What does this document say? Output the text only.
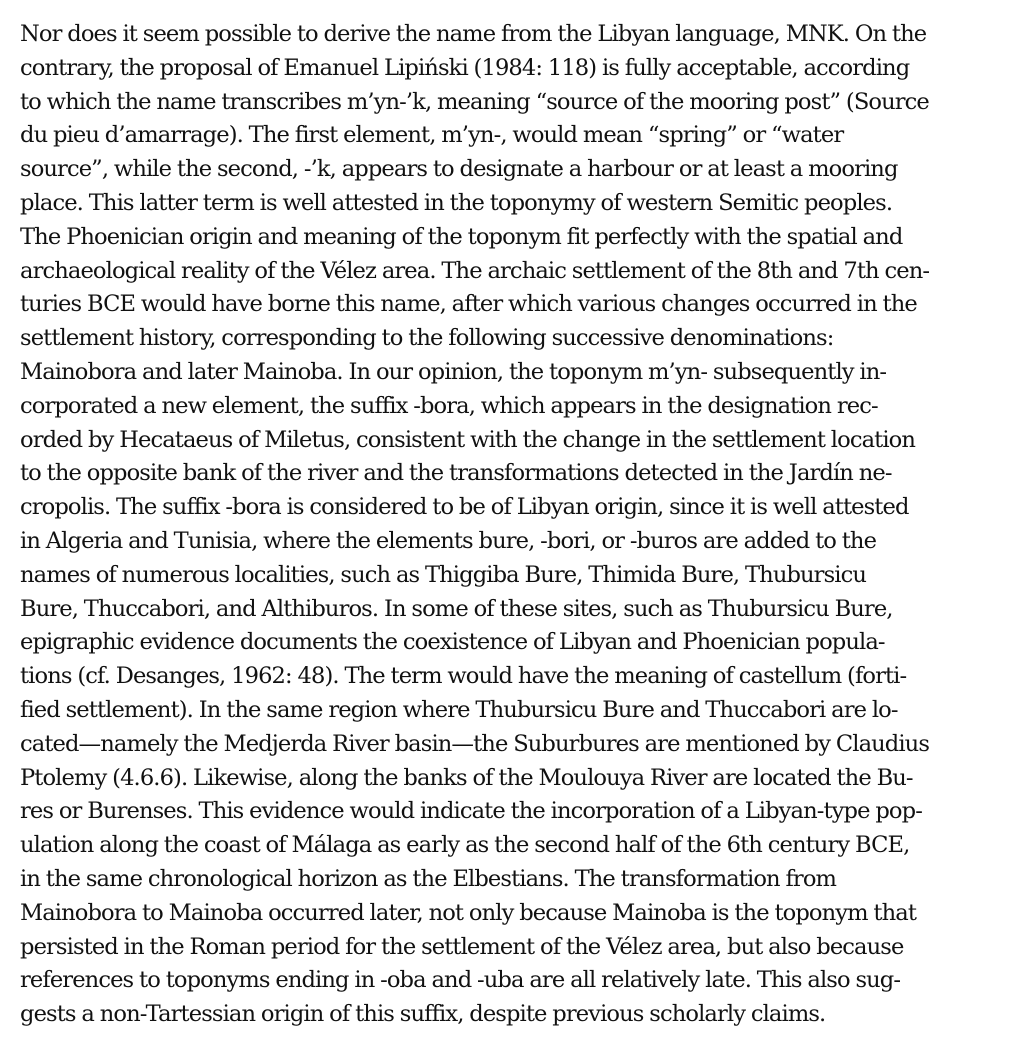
Nor does it seem possible to derive the name from the Libyan language, MNK. On the
contrary, the proposal of Emanuel Lipiński (1984: 118) is fully acceptable, according
to which the name transcribes m’yn-’k, meaning “source of the mooring post” (Source
du pieu d’amarrage). The first element, m’yn-, would mean “spring” or “water
source”, while the second, -’k, appears to designate a harbour or at least a mooring
place. This latter term is well attested in the toponymy of western Semitic peoples.
The Phoenician origin and meaning of the toponym fit perfectly with the spatial and
archaeological reality of the Vélez area. The archaic settlement of the 8th and 7th cen-
turies BCE would have borne this name, after which various changes occurred in the
settlement history, corresponding to the following successive denominations:
Mainobora and later Mainoba. In our opinion, the toponym m’yn- subsequently in-
corporated a new element, the suffix -bora, which appears in the designation rec-
orded by Hecataeus of Miletus, consistent with the change in the settlement location
to the opposite bank of the river and the transformations detected in the Jardín ne-
cropolis. The suffix -bora is considered to be of Libyan origin, since it is well attested
in Algeria and Tunisia, where the elements bure, -bori, or -buros are added to the
names of numerous localities, such as Thiggiba Bure, Thimida Bure, Thubursicu
Bure, Thuccabori, and Althiburos. In some of these sites, such as Thubursicu Bure,
epigraphic evidence documents the coexistence of Libyan and Phoenician popula-
tions (cf. Desanges, 1962: 48). The term would have the meaning of castellum (forti-
fied settlement). In the same region where Thubursicu Bure and Thuccabori are lo-
cated—namely the Medjerda River basin—the Suburbures are mentioned by Claudius
Ptolemy (4.6.6). Likewise, along the banks of the Moulouya River are located the Bu-
res or Burenses. This evidence would indicate the incorporation of a Libyan-type pop-
ulation along the coast of Málaga as early as the second half of the 6th century BCE,
in the same chronological horizon as the Elbestians. The transformation from
Mainobora to Mainoba occurred later, not only because Mainoba is the toponym that
persisted in the Roman period for the settlement of the Vélez area, but also because
references to toponyms ending in -oba and -uba are all relatively late. This also sug-
gests a non-Tartessian origin of this suffix, despite previous scholarly claims.
